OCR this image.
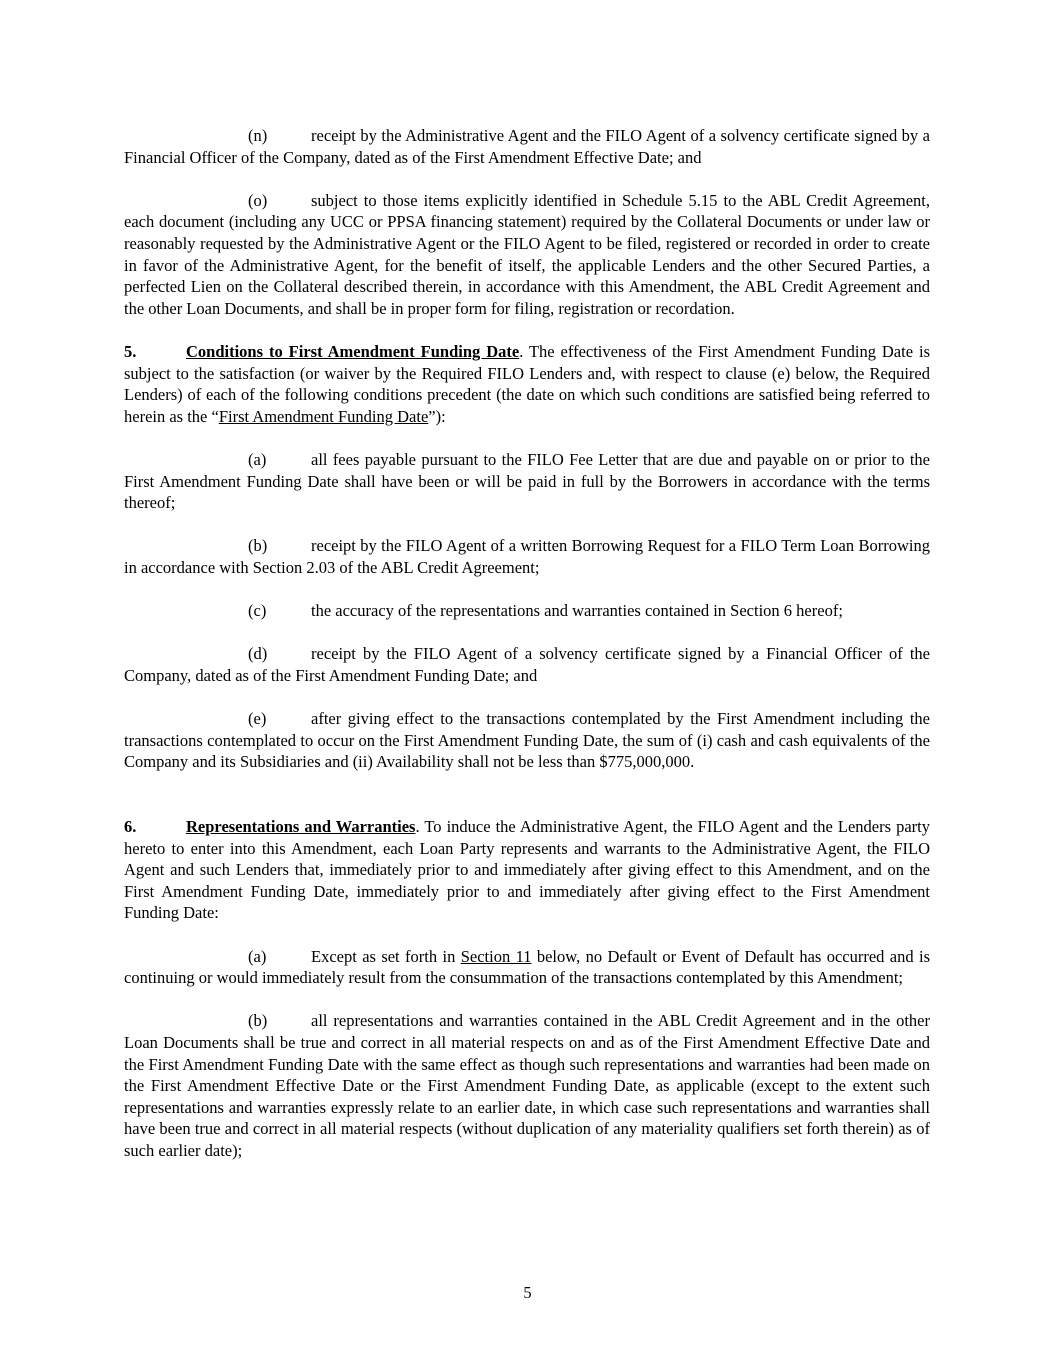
(n)	receipt by the Administrative Agent and the FILO Agent of a solvency certificate signed by a Financial Officer of the Company, dated as of the First Amendment Effective Date; and

(o)	subject to those items explicitly identified in Schedule 5.15 to the ABL Credit Agreement, each document (including any UCC or PPSA financing statement) required by the Collateral Documents or under law or reasonably requested by the Administrative Agent or the FILO Agent to be filed, registered or recorded in order to create in favor of the Administrative Agent, for the benefit of itself, the applicable Lenders and the other Secured Parties, a perfected Lien on the Collateral described therein, in accordance with this Amendment, the ABL Credit Agreement and the other Loan Documents, and shall be in proper form for filing, registration or recordation.

5.	Conditions to First Amendment Funding Date. The effectiveness of the First Amendment Funding Date is subject to the satisfaction (or waiver by the Required FILO Lenders and, with respect to clause (e) below, the Required Lenders) of each of the following conditions precedent (the date on which such conditions are satisfied being referred to herein as the “First Amendment Funding Date”):

(a)	all fees payable pursuant to the FILO Fee Letter that are due and payable on or prior to the First Amendment Funding Date shall have been or will be paid in full by the Borrowers in accordance with the terms thereof;

(b)	receipt by the FILO Agent of a written Borrowing Request for a FILO Term Loan Borrowing in accordance with Section 2.03 of the ABL Credit Agreement;

(c)	the accuracy of the representations and warranties contained in Section 6 hereof;

(d)	receipt by the FILO Agent of a solvency certificate signed by a Financial Officer of the Company, dated as of the First Amendment Funding Date; and

(e)	after giving effect to the transactions contemplated by the First Amendment including the transactions contemplated to occur on the First Amendment Funding Date, the sum of (i) cash and cash equivalents of the Company and its Subsidiaries and (ii) Availability shall not be less than $775,000,000.

6.	Representations and Warranties. To induce the Administrative Agent, the FILO Agent and the Lenders party hereto to enter into this Amendment, each Loan Party represents and warrants to the Administrative Agent, the FILO Agent and such Lenders that, immediately prior to and immediately after giving effect to this Amendment, and on the First Amendment Funding Date, immediately prior to and immediately after giving effect to the First Amendment Funding Date:

(a)	Except as set forth in Section 11 below, no Default or Event of Default has occurred and is continuing or would immediately result from the consummation of the transactions contemplated by this Amendment;

(b)	all representations and warranties contained in the ABL Credit Agreement and in the other Loan Documents shall be true and correct in all material respects on and as of the First Amendment Effective Date and the First Amendment Funding Date with the same effect as though such representations and warranties had been made on the First Amendment Effective Date or the First Amendment Funding Date, as applicable (except to the extent such representations and warranties expressly relate to an earlier date, in which case such representations and warranties shall have been true and correct in all material respects (without duplication of any materiality qualifiers set forth therein) as of such earlier date);

5
